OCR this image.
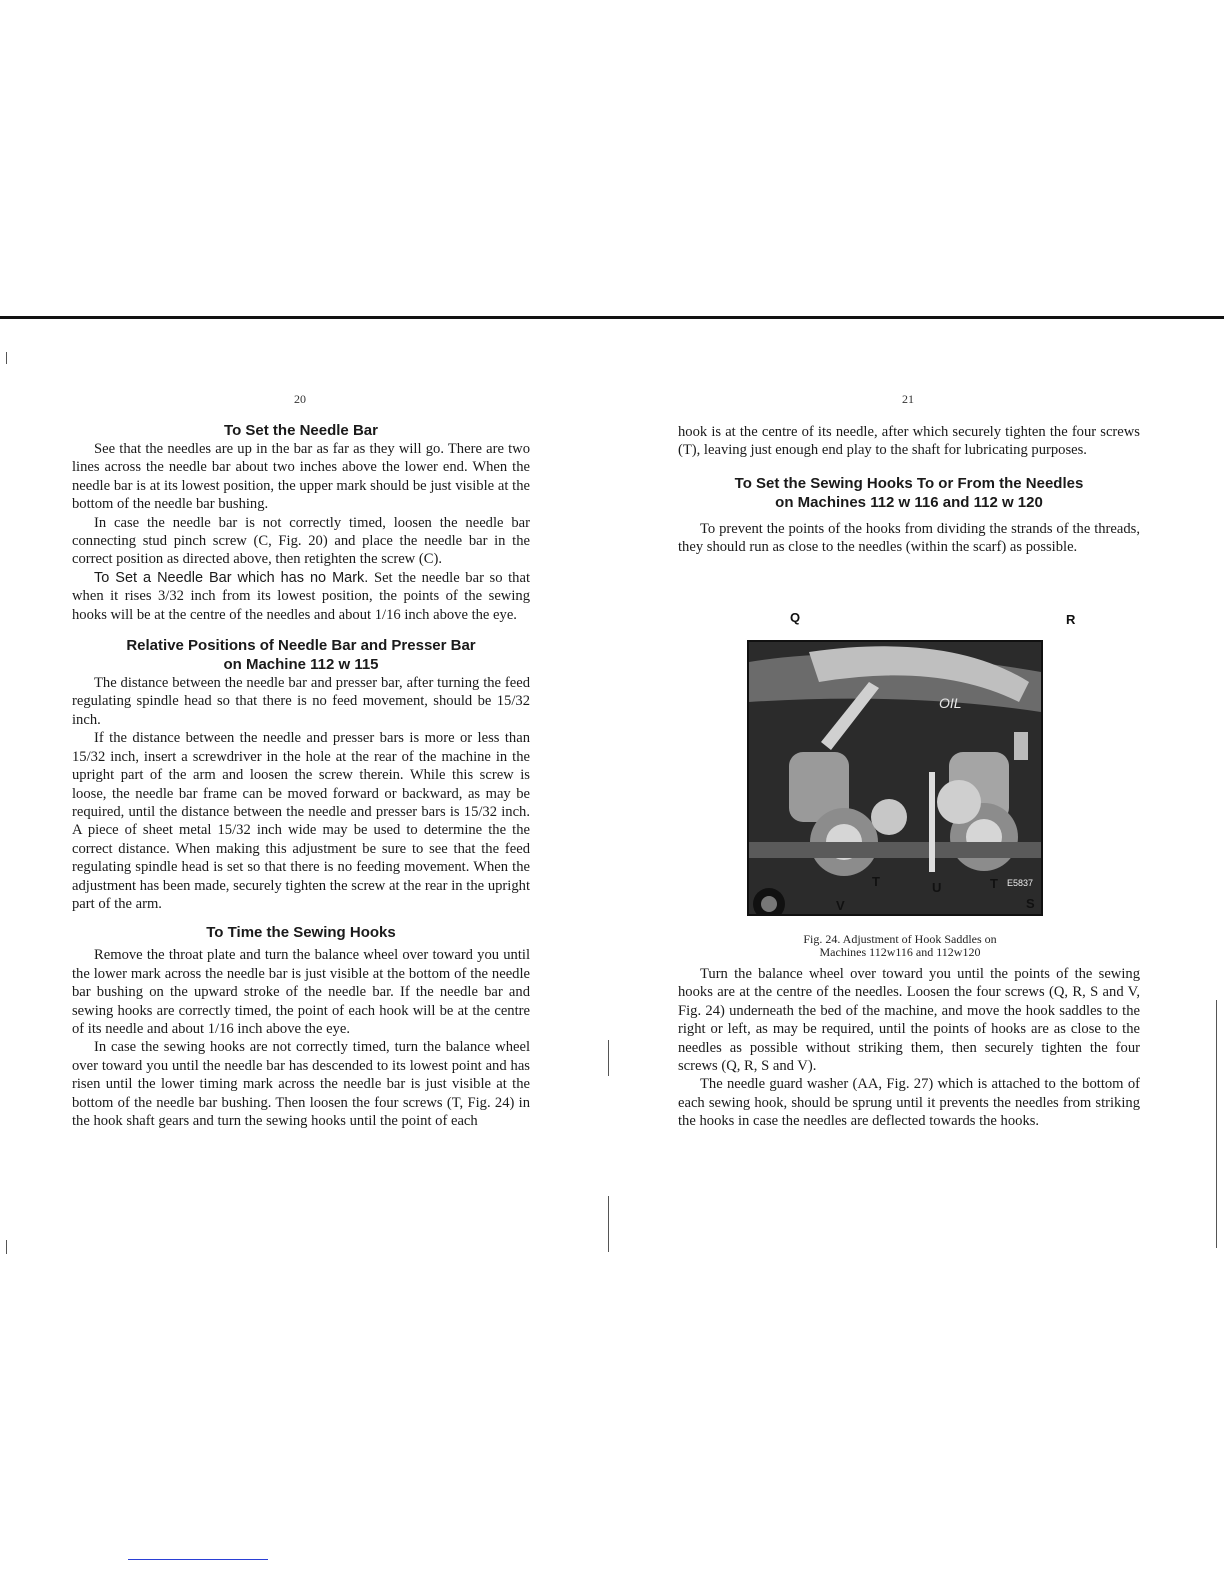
20
To Set the Needle Bar

See that the needles are up in the bar as far as they will go. There are two lines across the needle bar about two inches above the lower end. When the needle bar is at its lowest position, the upper mark should be just visible at the bottom of the needle bar bushing.

In case the needle bar is not correctly timed, loosen the needle bar connecting stud pinch screw (C, Fig. 20) and place the needle bar in the correct position as directed above, then retighten the screw (C).

To Set a Needle Bar which has no Mark. Set the needle bar so that when it rises 3/32 inch from its lowest position, the points of the sewing hooks will be at the centre of the needles and about 1/16 inch above the eye.

Relative Positions of Needle Bar and Presser Bar
on Machine 112 w 115

The distance between the needle bar and presser bar, after turning the feed regulating spindle head so that there is no feed movement, should be 15/32 inch.

If the distance between the needle and presser bars is more or less than 15/32 inch, insert a screwdriver in the hole at the rear of the machine in the upright part of the arm and loosen the screw therein. While this screw is loose, the needle bar frame can be moved forward or backward, as may be required, until the distance between the needle and presser bars is 15/32 inch. A piece of sheet metal 15/32 inch wide may be used to determine the the correct distance. When making this adjustment be sure to see that the feed regulating spindle head is set so that there is no feeding movement. When the adjustment has been made, securely tighten the screw at the rear in the upright part of the arm.

To Time the Sewing Hooks

Remove the throat plate and turn the balance wheel over toward you until the lower mark across the needle bar is just visible at the bottom of the needle bar bushing on the upward stroke of the needle bar. If the needle bar and sewing hooks are correctly timed, the point of each hook will be at the centre of its needle and about 1/16 inch above the eye.

In case the sewing hooks are not correctly timed, turn the balance wheel over toward you until the needle bar has descended to its lowest point and has risen until the lower timing mark across the needle bar is just visible at the bottom of the needle bar bushing. Then loosen the four screws (T, Fig. 24) in the hook shaft gears and turn the sewing hooks until the point of each

21

hook is at the centre of its needle, after which securely tighten the four screws (T), leaving just enough end play to the shaft for lubricating purposes.

To Set the Sewing Hooks To or From the Needles
on Machines 112 w 116 and 112 w 120

To prevent the points of the hooks from dividing the strands of the threads, they should run as close to the needles (within the scarf) as possible.

OIL
E5837
Q	R
T	U	T
V	S
Fig. 24. Adjustment of Hook Saddles on
Machines 112w116 and 112w120

Turn the balance wheel over toward you until the points of the sewing hooks are at the centre of the needles. Loosen the four screws (Q, R, S and V, Fig. 24) underneath the bed of the machine, and move the hook saddles to the right or left, as may be required, until the points of hooks are as close to the needles as possible without striking them, then securely tighten the four screws (Q, R, S and V).

The needle guard washer (AA, Fig. 27) which is attached to the bottom of each sewing hook, should be sprung until it prevents the needles from striking the hooks in case the needles are deflected towards the hooks.
